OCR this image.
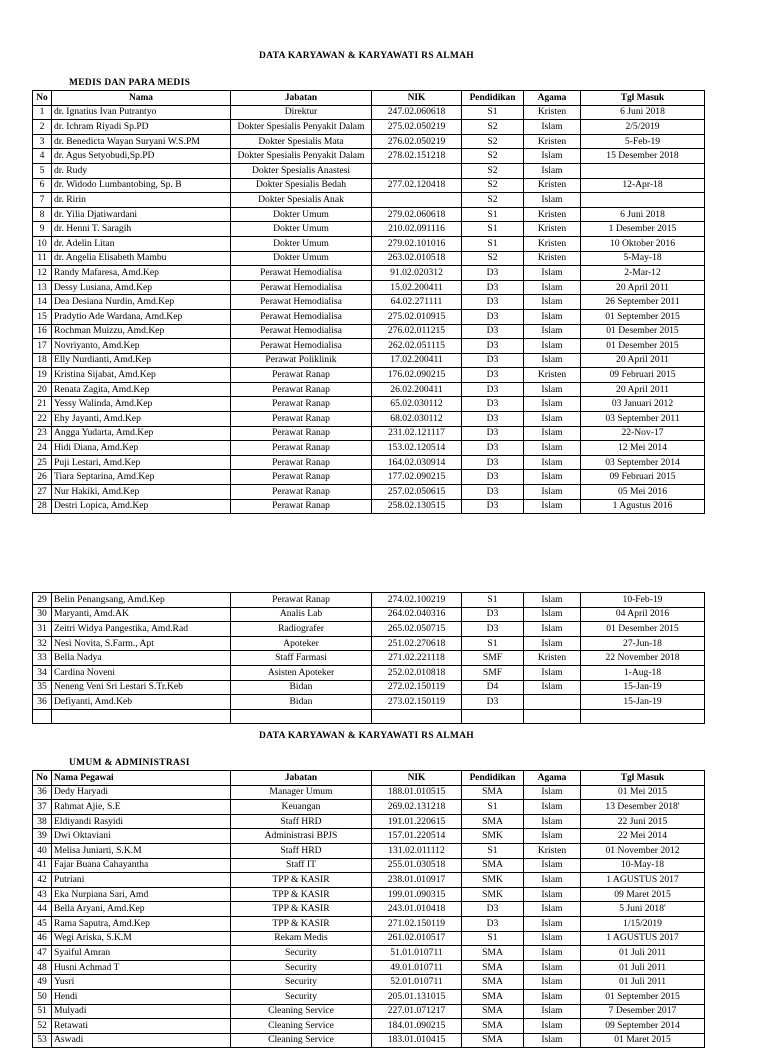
DATA KARYAWAN & KARYAWATI RS ALMAH
MEDIS DAN PARA MEDIS
No	Nama	Jabatan	NIK	Pendidikan	Agama	Tgl Masuk
1	dr. Ignatius Ivan Putrantyo	Direktur	247.02.060618	S1	Kristen	6 Juni 2018
2	dr. Ichram Riyadi Sp.PD	Dokter Spesialis Penyakit Dalam	275.02.050219	S2	Islam	2/5/2019
3	dr. Benedicta Wayan Suryani W.S.PM	Dokter Spesialis Mata	276.02.050219	S2	Kristen	5-Feb-19
4	dr. Agus Setyobudi,Sp.PD	Dokter Spesialis Penyakit Dalam	278.02.151218	S2	Islam	15 Desember 2018
5	dr. Rudy	Dokter Spesialis Anastesi		S2	Islam	
6	dr. Widodo Lumbantobing, Sp. B	Dokter Spesialis Bedah	277.02.120418	S2	Kristen	12-Apr-18
7	dr. Ririn	Dokter Spesialis Anak		S2	Islam	
8	dr. Yilia Djatiwardani	Dokter Umum	279.02.060618	S1	Kristen	6 Juni 2018
9	dr. Henni T. Saragih	Dokter Umum	210.02.091116	S1	Kristen	1 Desember 2015
10	dr. Adelin Litan	Dokter Umum	279.02.101016	S1	Kristen	10 Oktober 2016
11	dr. Angelia Elisabeth Mambu	Dokter Umum	263.02.010518	S2	Kristen	5-May-18
12	Randy Mafaresa, Amd.Kep	Perawat Hemodialisa	91.02.020312	D3	Islam	2-Mar-12
13	Dessy Lusiana, Amd.Kep	Perawat Hemodialisa	15.02.200411	D3	Islam	20 April 2011
14	Dea Desiana Nurdin, Amd.Kep	Perawat Hemodialisa	64.02.271111	D3	Islam	26 September 2011
15	Pradytio Ade Wardana, Amd.Kep	Perawat Hemodialisa	275.02.010915	D3	Islam	01 September 2015
16	Rochman Muizzu, Amd.Kep	Perawat Hemodialisa	276.02.011215	D3	Islam	01 Desember 2015
17	Novriyanto, Amd.Kep	Perawat Hemodialisa	262.02.051115	D3	Islam	01 Desember 2015
18	Elly Nurdianti, Amd.Kep	Perawat Poliklinik	17.02.200411	D3	Islam	20 April 2011
19	Kristina Sijabat, Amd.Kep	Perawat Ranap	176.02.090215	D3	Kristen	09 Februari 2015
20	Renata Zagita, Amd.Kep	Perawat Ranap	26.02.200411	D3	Islam	20 April 2011
21	Yessy Walinda, Amd.Kep	Perawat Ranap	65.02.030112	D3	Islam	03 Januari 2012
22	Ehy Jayanti, Amd.Kep	Perawat Ranap	68.02.030112	D3	Islam	03 September 2011
23	Angga Yudarta, Amd.Kep	Perawat Ranap	231.02.121117	D3	Islam	22-Nov-17
24	Hidi Diana, Amd.Kep	Perawat Ranap	153.02.120514	D3	Islam	12 Mei 2014
25	Puji Lestari, Amd.Kep	Perawat Ranap	164.02.030914	D3	Islam	03 September 2014
26	Tiara Septarina, Amd.Kep	Perawat Ranap	177.02.090215	D3	Islam	09 Februari 2015
27	Nur Hakiki, Amd.Kep	Perawat Ranap	257.02.050615	D3	Islam	05 Mei 2016
28	Destri Lopica, Amd.Kep	Perawat Ranap	258.02.130515	D3	Islam	1 Agustus 2016
29	Belin Penangsang, Amd.Kep	Perawat Ranap	274.02.100219	S1	Islam	10-Feb-19
30	Maryanti, Amd.AK	Analis Lab	264.02.040316	D3	Islam	04 April 2016
31	Zeitri Widya Pangestika, Amd.Rad	Radiografer	265.02.050715	D3	Islam	01 Desember 2015
32	Nesi Novita, S.Farm., Apt	Apoteker	251.02.270618	S1	Islam	27-Jun-18
33	Bella Nadya	Staff Farmasi	271.02.221118	SMF	Kristen	22 November 2018
34	Cardina Noveni	Asisten Apoteker	252.02.010818	SMF	Islam	1-Aug-18
35	Neneng Veni Sri Lestari S.Tr.Keb	Bidan	272.02.150119	D4	Islam	15-Jan-19
36	Defiyanti, Amd.Keb	Bidan	273.02.150119	D3		15-Jan-19

DATA KARYAWAN & KARYAWATI RS ALMAH
UMUM & ADMINISTRASI
No	Nama Pegawai	Jabatan	NIK	Pendidikan	Agama	Tgl Masuk
36	Dedy Haryadi	Manager Umum	188.01.010515	SMA	Islam	01 Mei 2015
37	Rahmat Ajie, S.E	Keuangan	269.02.131218	S1	Islam	13 Desember 2018'
38	Eldiyandi Rasyidi	Staff HRD	191.01.220615	SMA	Islam	22 Juni 2015
39	Dwi Oktaviani	Administrasi BPJS	157.01.220514	SMK	Islam	22 Mei 2014
40	Melisa Juniarti, S.K.M	Staff HRD	131.02.011112	S1	Kristen	01 November 2012
41	Fajar Buana Cahayantha	Staff IT	255.01.030518	SMA	Islam	10-May-18
42	Putriani	TPP & KASIR	238.01.010917	SMK	Islam	1 AGUSTUS 2017
43	Eka Nurpiana Sari, Amd	TPP & KASIR	199.01.090315	SMK	Islam	09 Maret 2015
44	Bella Aryani, Amd.Kep	TPP & KASIR	243.01.010418	D3	Islam	5 Juni 2018'
45	Rama Saputra, Amd.Kep	TPP & KASIR	271.02.150119	D3	Islam	1/15/2019
46	Wegi Ariska, S.K.M	Rekam Medis	261.02.010517	S1	Islam	1 AGUSTUS 2017
47	Syaiful Amran	Security	51.01.010711	SMA	Islam	01 Juli 2011
48	Husni Achmad T	Security	49.01.010711	SMA	Islam	01 Juli 2011
49	Yusri	Security	52.01.010711	SMA	Islam	01 Juli 2011
50	Hendi	Security	205.01.131015	SMA	Islam	01 September 2015
51	Mulyadi	Cleaning Service	227.01.071217	SMA	Islam	7 Desember 2017
52	Retawati	Cleaning Service	184.01.090215	SMA	Islam	09 September 2014
53	Aswadi	Cleaning Service	183.01.010415	SMA	Islam	01 Maret 2015
